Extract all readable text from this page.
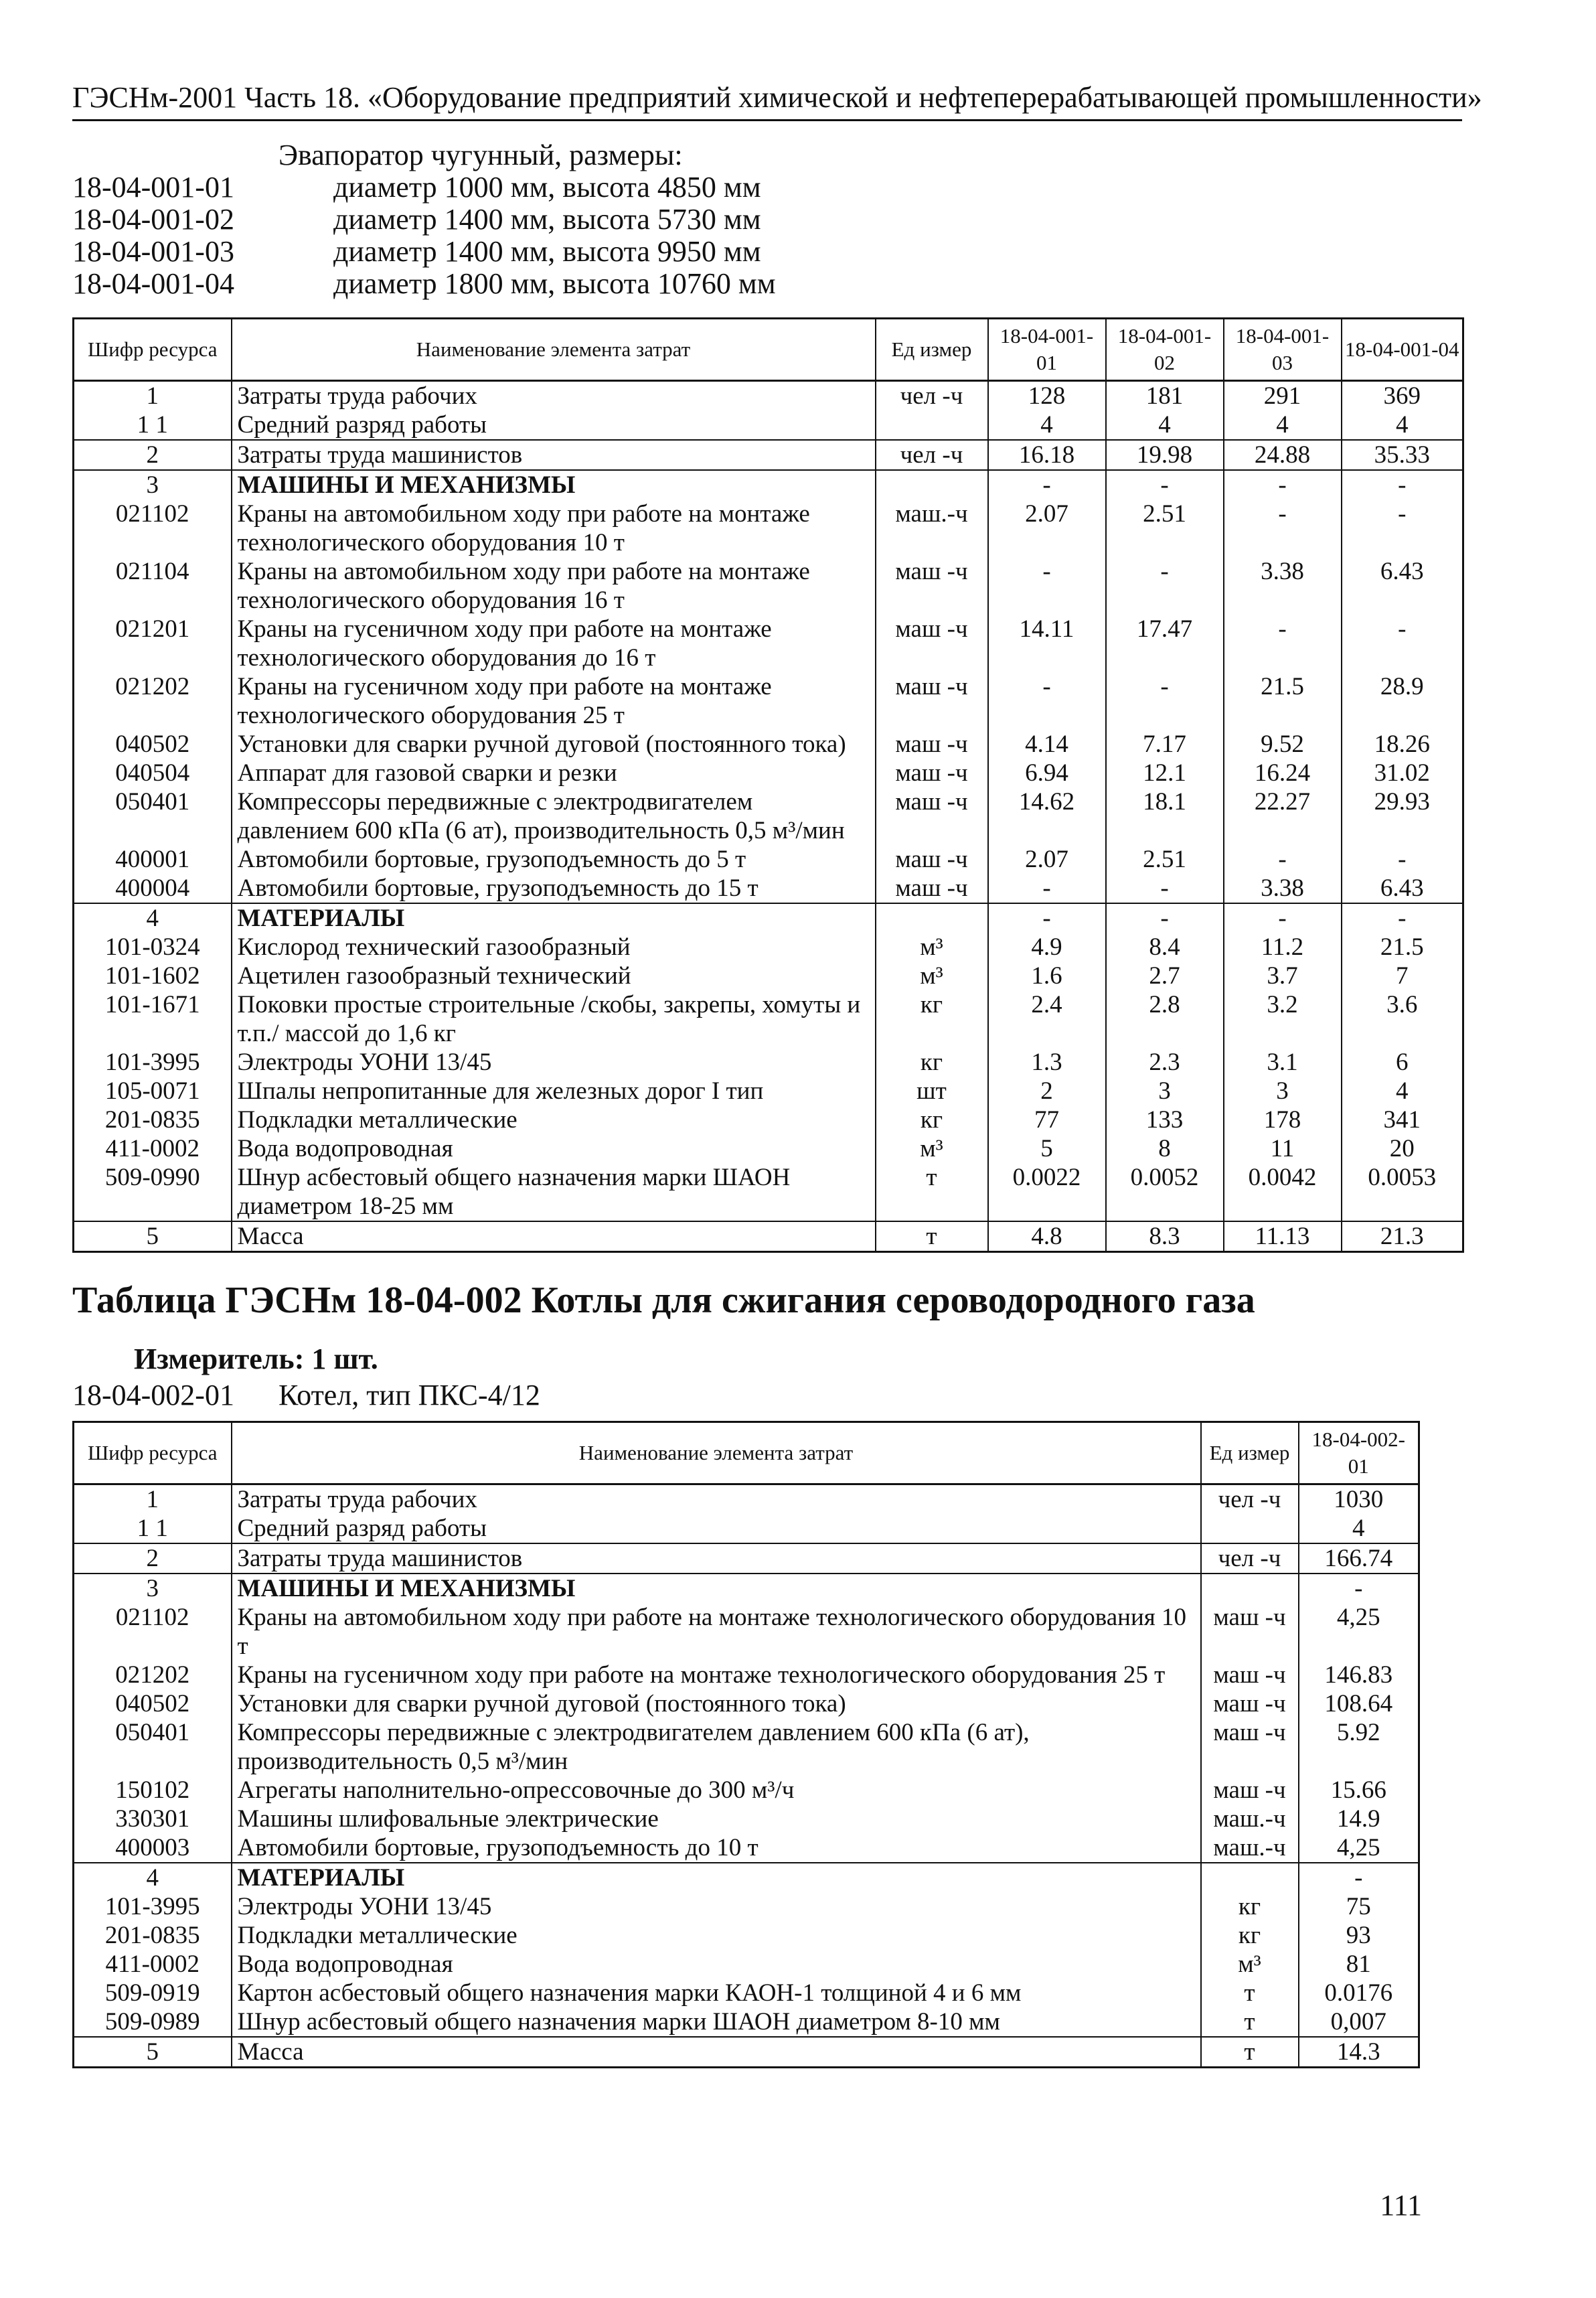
ГЭСНм-2001 Часть 18. «Оборудование предприятий химической и нефтеперерабатывающей промышленности»
Эвапоратор чугунный, размеры:
18-04-001-01	диаметр 1000 мм, высота 4850 мм
18-04-001-02	диаметр 1400 мм, высота 5730 мм
18-04-001-03	диаметр 1400 мм, высота 9950 мм
18-04-001-04	диаметр 1800 мм, высота 10760 мм
Шифр ресурса	Наименование элемента затрат	Ед измер	18-04-001-01	18-04-001-02	18-04-001-03	18-04-001-04
1	Затраты труда рабочих	чел -ч	128	181	291	369
1 1	Средний разряд работы		4	4	4	4
2	Затраты труда машинистов	чел -ч	16.18	19.98	24.88	35.33
3	МАШИНЫ И МЕХАНИЗМЫ		-	-	-	-
021102	Краны на автомобильном ходу при работе на монтаже технологического оборудования 10 т	маш.-ч	2.07	2.51	-	-
021104	Краны на автомобильном ходу при работе на монтаже технологического оборудования 16 т	маш -ч	-	-	3.38	6.43
021201	Краны на гусеничном ходу при работе на монтаже технологического оборудования до 16 т	маш -ч	14.11	17.47	-	-
021202	Краны на гусеничном ходу при работе на монтаже технологического оборудования 25 т	маш -ч	-	-	21.5	28.9
040502	Установки для сварки ручной дуговой (постоянного тока)	маш -ч	4.14	7.17	9.52	18.26
040504	Аппарат для газовой сварки и резки	маш -ч	6.94	12.1	16.24	31.02
050401	Компрессоры передвижные с электродвигателем давлением 600 кПа (6 ат), производительность 0,5 м³/мин	маш -ч	14.62	18.1	22.27	29.93
400001	Автомобили бортовые, грузоподъемность до 5 т	маш -ч	2.07	2.51	-	-
400004	Автомобили бортовые, грузоподъемность до 15 т	маш -ч	-	-	3.38	6.43
4	МАТЕРИАЛЫ		-	-	-	-
101-0324	Кислород технический газообразный	м³	4.9	8.4	11.2	21.5
101-1602	Ацетилен газообразный технический	м³	1.6	2.7	3.7	7
101-1671	Поковки простые строительные /скобы, закрепы, хомуты и т.п./ массой до 1,6 кг	кг	2.4	2.8	3.2	3.6
101-3995	Электроды УОНИ 13/45	кг	1.3	2.3	3.1	6
105-0071	Шпалы непропитанные для железных дорог I тип	шт	2	3	3	4
201-0835	Подкладки металлические	кг	77	133	178	341
411-0002	Вода водопроводная	м³	5	8	11	20
509-0990	Шнур асбестовый общего назначения марки ШАОН диаметром 18-25 мм	т	0.0022	0.0052	0.0042	0.0053
5	Масса	т	4.8	8.3	11.13	21.3
Таблица ГЭСНм 18-04-002 Котлы для сжигания сероводородного газа
Измеритель: 1 шт.
18-04-002-01	Котел, тип ПКС-4/12
Шифр ресурса	Наименование элемента затрат	Ед измер	18-04-002-01
1	Затраты труда рабочих	чел -ч	1030
1 1	Средний разряд работы		4
2	Затраты труда машинистов	чел -ч	166.74
3	МАШИНЫ И МЕХАНИЗМЫ		-
021102	Краны на автомобильном ходу при работе на монтаже технологического оборудования 10 т	маш -ч	4,25
021202	Краны на гусеничном ходу при работе на монтаже технологического оборудования 25 т	маш -ч	146.83
040502	Установки для сварки ручной дуговой (постоянного тока)	маш -ч	108.64
050401	Компрессоры передвижные с электродвигателем давлением 600 кПа (6 ат), производительность 0,5 м³/мин	маш -ч	5.92
150102	Агрегаты наполнительно-опрессовочные до 300 м³/ч	маш -ч	15.66
330301	Машины шлифовальные электрические	маш.-ч	14.9
400003	Автомобили бортовые, грузоподъемность до 10 т	маш.-ч	4,25
4	МАТЕРИАЛЫ		-
101-3995	Электроды УОНИ 13/45	кг	75
201-0835	Подкладки металлические	кг	93
411-0002	Вода водопроводная	м³	81
509-0919	Картон асбестовый общего назначения марки КАОН-1 толщиной 4 и 6 мм	т	0.0176
509-0989	Шнур асбестовый общего назначения марки ШАОН диаметром 8-10 мм	т	0,007
5	Масса	т	14.3
111
